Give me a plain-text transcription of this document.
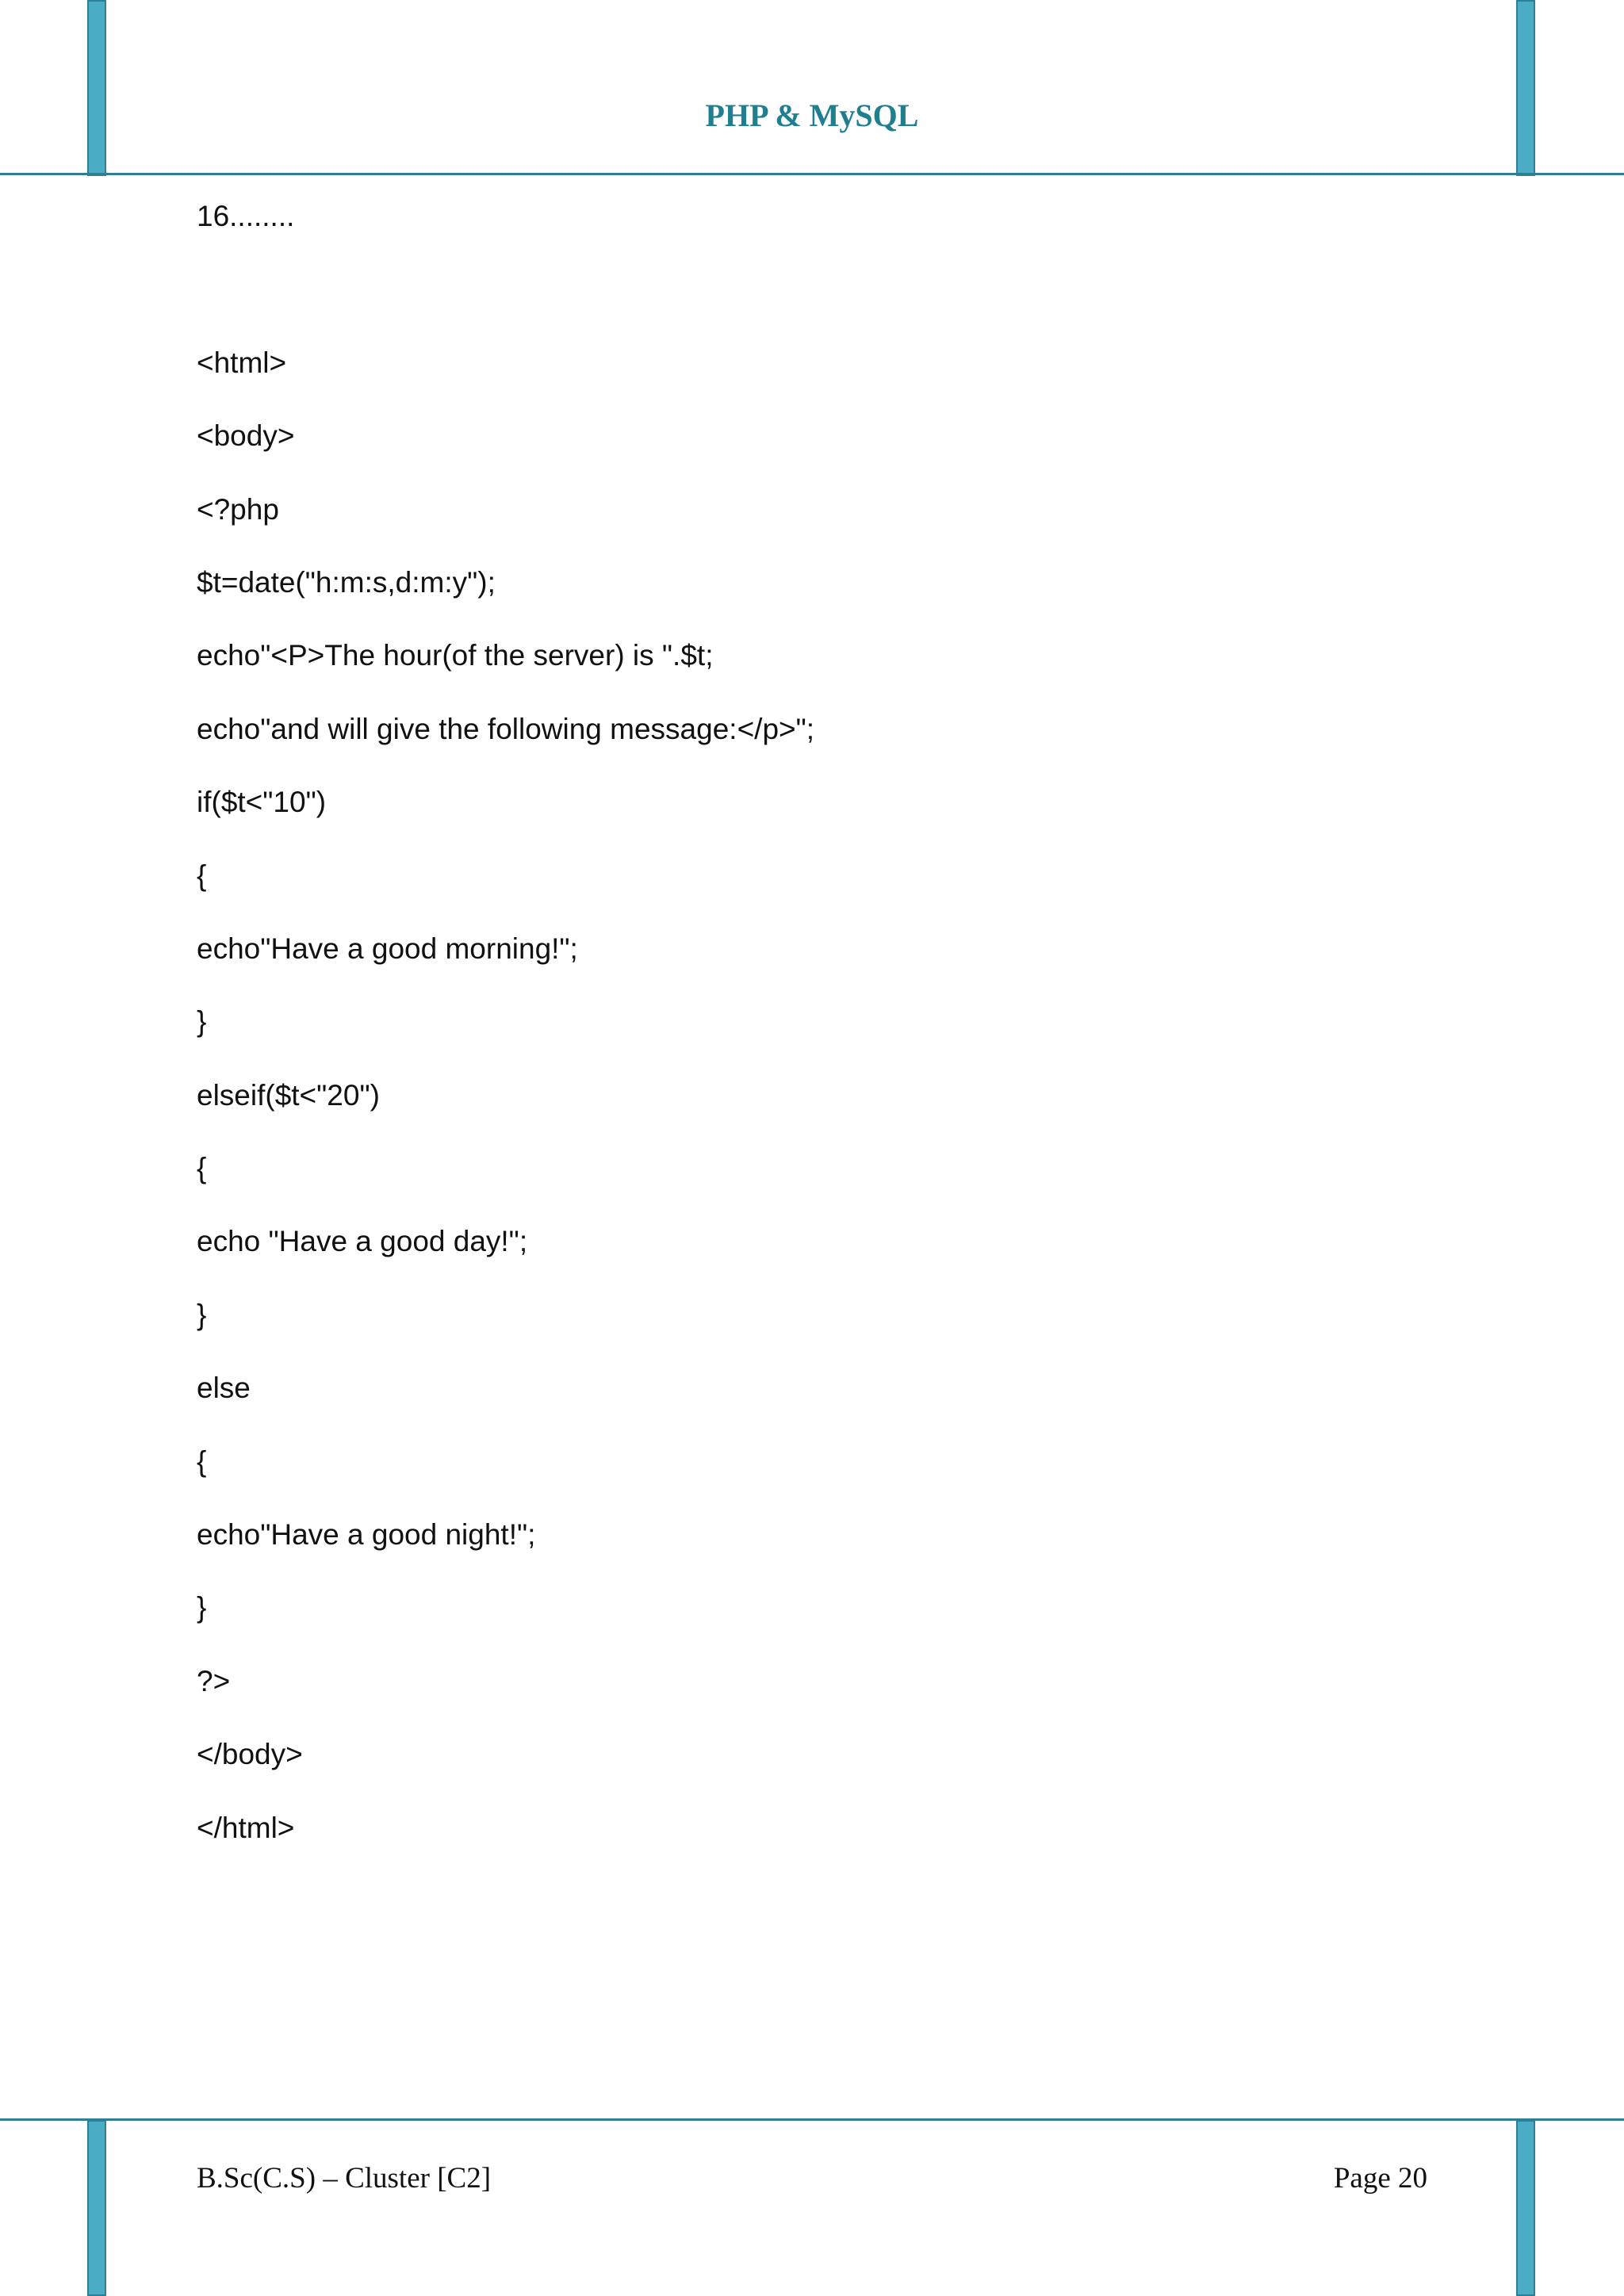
PHP & MySQL

16........

<html>

<body>

<?php

$t=date("h:m:s,d:m:y");

echo"<P>The hour(of the server) is ".$t;

echo"and will give the following message:</p>";

if($t<"10")

{

echo"Have a good morning!";

}

elseif($t<"20")

{

echo "Have a good day!";

}

else

{

echo"Have a good night!";

}

?>

</body>

</html>

B.Sc(C.S) – Cluster [C2]	Page 20
